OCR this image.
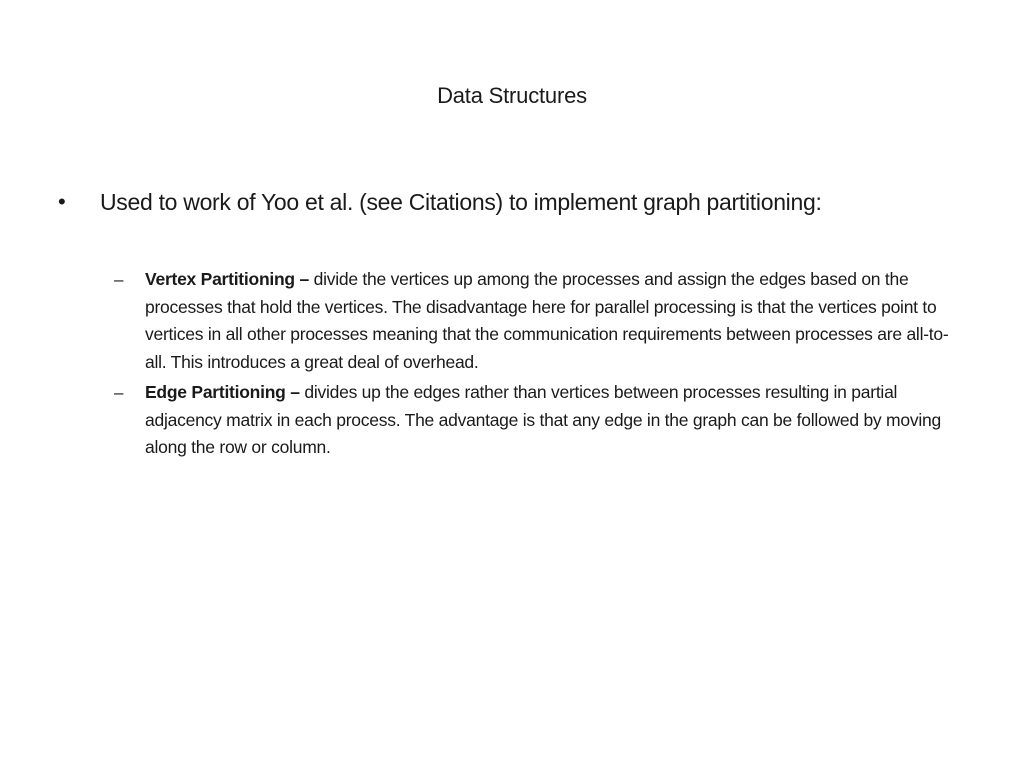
Data Structures
•	Used to work of Yoo et al. (see Citations) to implement graph partitioning:
–	Vertex Partitioning – divide the vertices up among the processes and assign the edges based on the processes that hold the vertices. The disadvantage here for parallel processing is that the vertices point to vertices in all other processes meaning that the communication requirements between processes are all-to-all. This introduces a great deal of overhead.
–	Edge Partitioning – divides up the edges rather than vertices between processes resulting in partial adjacency matrix in each process. The advantage is that any edge in the graph can be followed by moving along the row or column.
